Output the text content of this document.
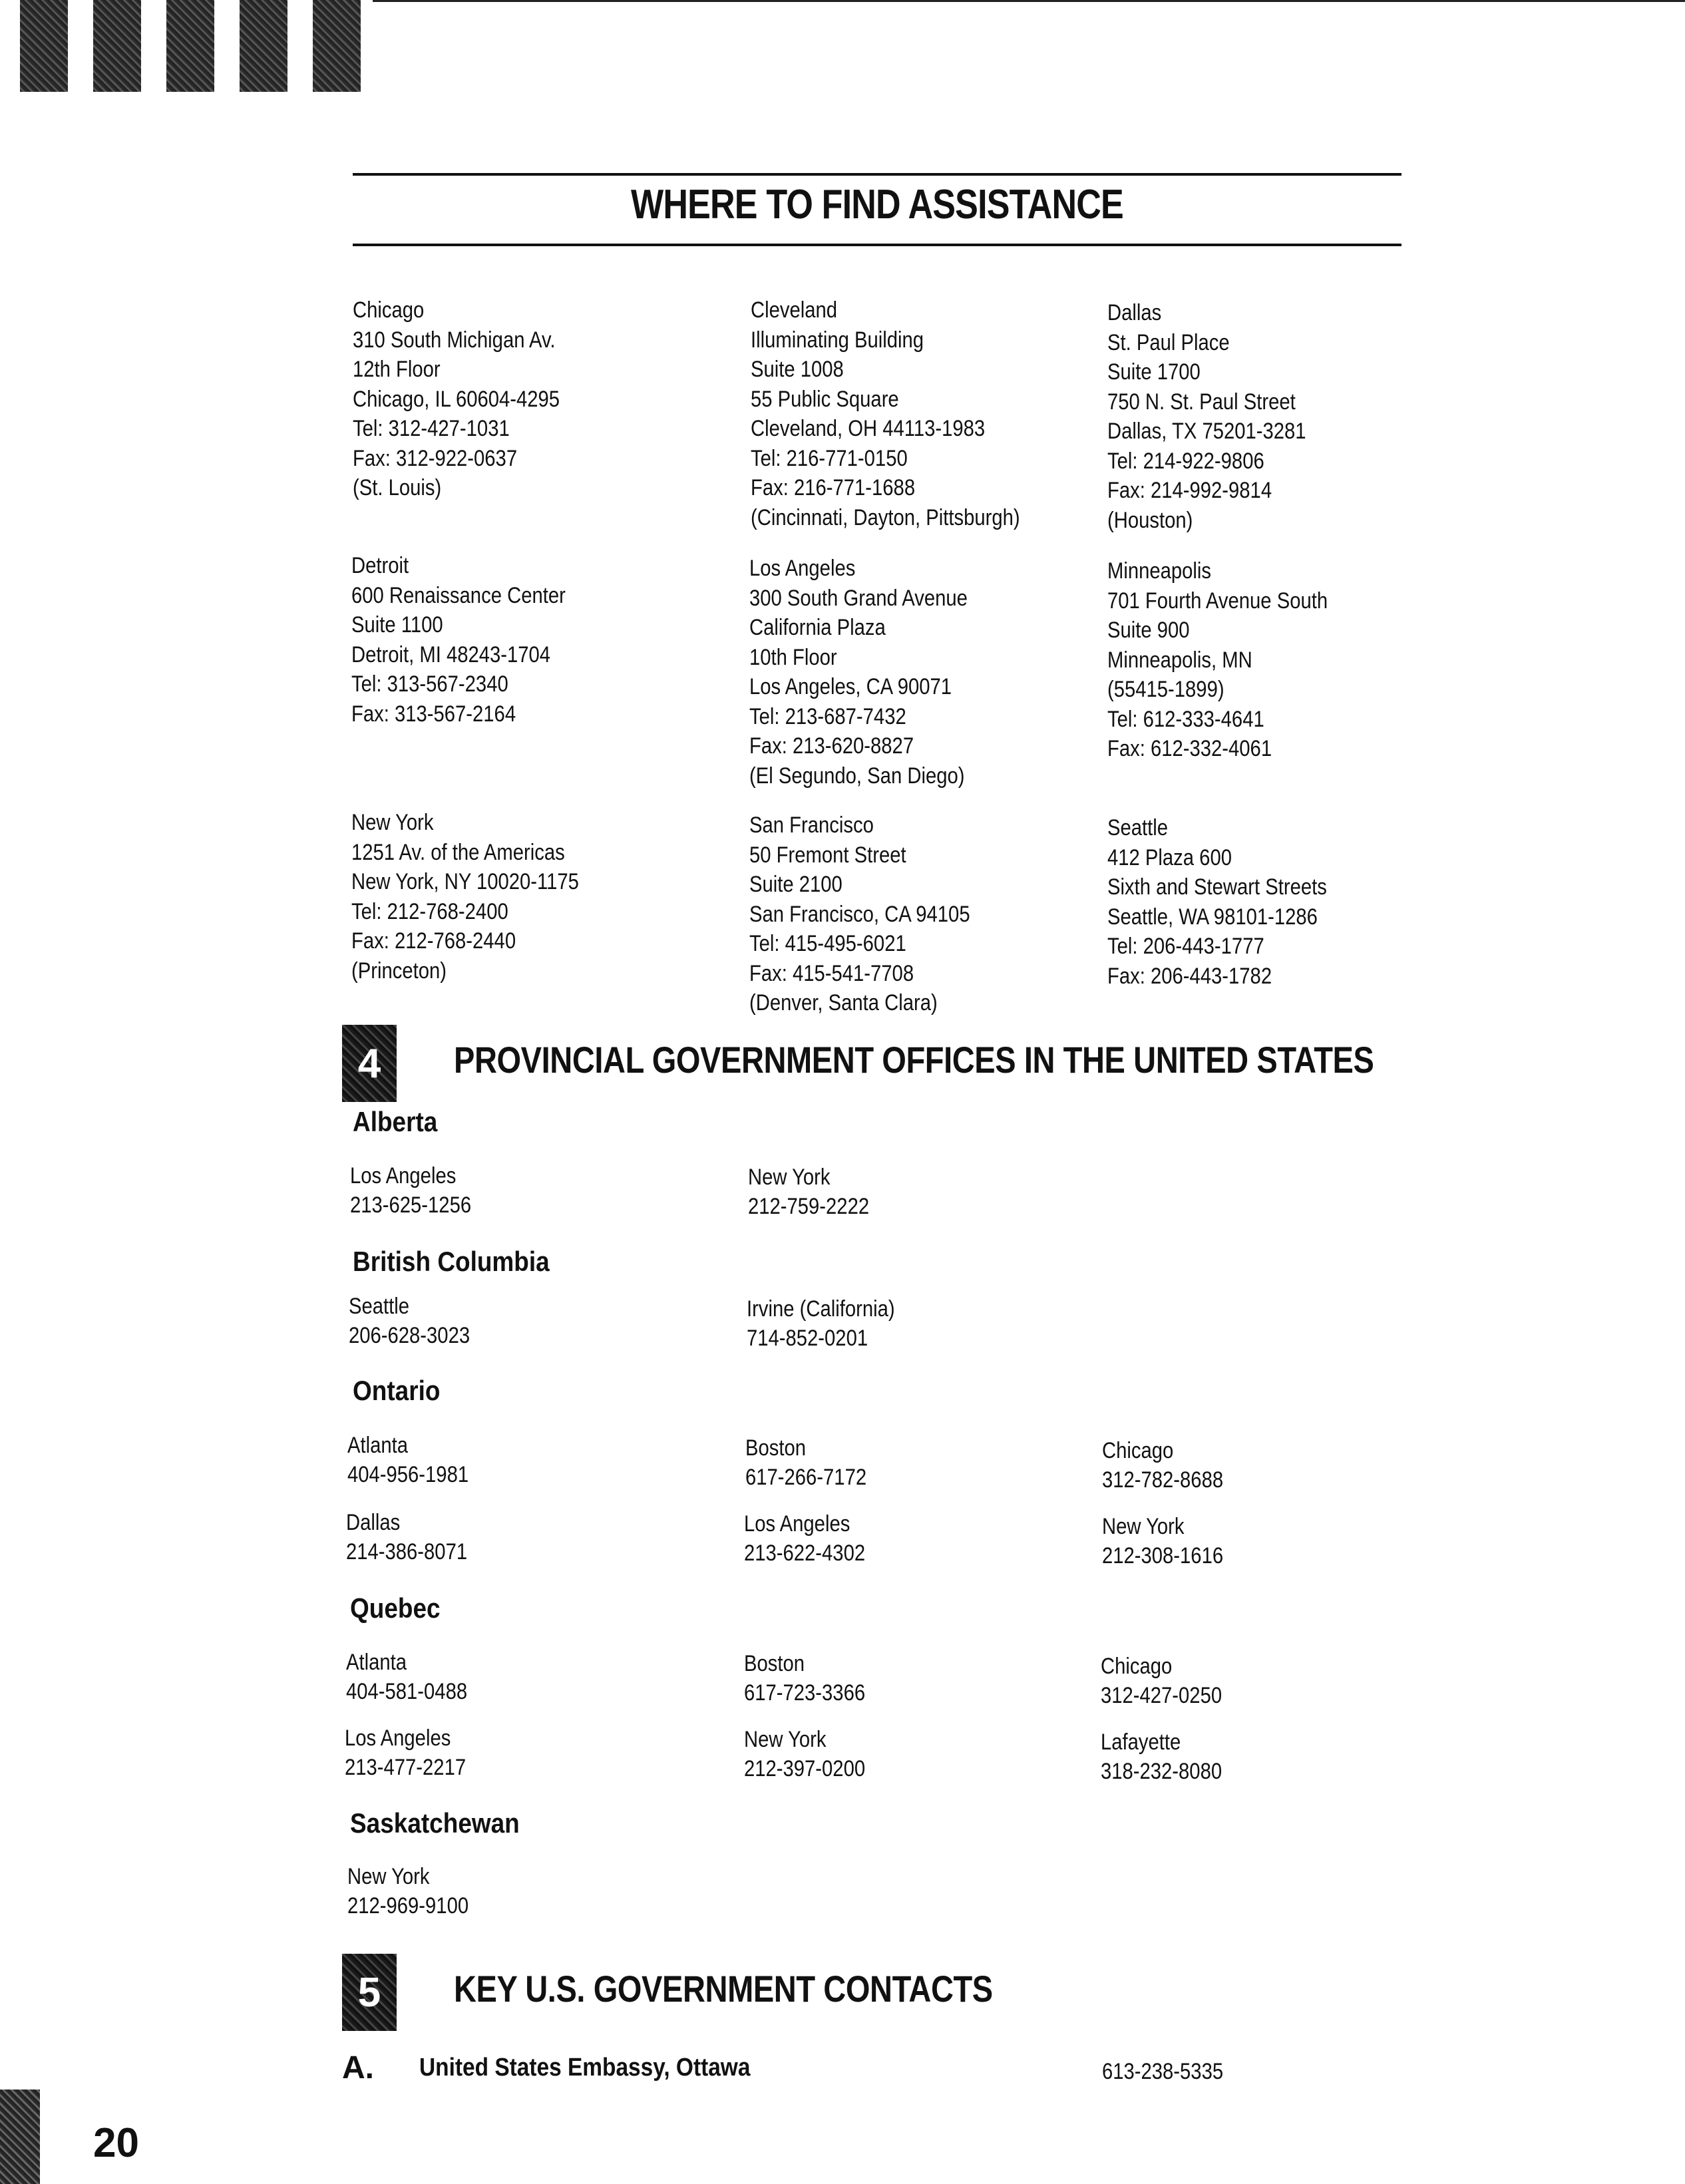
WHERE TO FIND ASSISTANCE
Chicago
310 South Michigan Av.
12th Floor
Chicago, IL 60604-4295
Tel: 312-427-1031
Fax: 312-922-0637
(St. Louis)
Cleveland
Illuminating Building
Suite 1008
55 Public Square
Cleveland, OH 44113-1983
Tel: 216-771-0150
Fax: 216-771-1688
(Cincinnati, Dayton, Pittsburgh)
Dallas
St. Paul Place
Suite 1700
750 N. St. Paul Street
Dallas, TX 75201-3281
Tel: 214-922-9806
Fax: 214-992-9814
(Houston)
Detroit
600 Renaissance Center
Suite 1100
Detroit, MI 48243-1704
Tel: 313-567-2340
Fax: 313-567-2164
Los Angeles
300 South Grand Avenue
California Plaza
10th Floor
Los Angeles, CA 90071
Tel: 213-687-7432
Fax: 213-620-8827
(El Segundo, San Diego)
Minneapolis
701 Fourth Avenue South
Suite 900
Minneapolis, MN
(55415-1899)
Tel: 612-333-4641
Fax: 612-332-4061
New York
1251 Av. of the Americas
New York, NY 10020-1175
Tel: 212-768-2400
Fax: 212-768-2440
(Princeton)
San Francisco
50 Fremont Street
Suite 2100
San Francisco, CA 94105
Tel: 415-495-6021
Fax: 415-541-7708
(Denver, Santa Clara)
Seattle
412 Plaza 600
Sixth and Stewart Streets
Seattle, WA 98101-1286
Tel: 206-443-1777
Fax: 206-443-1782
4 PROVINCIAL GOVERNMENT OFFICES IN THE UNITED STATES
Alberta
Los Angeles
213-625-1256
New York
212-759-2222
British Columbia
Seattle
206-628-3023
Irvine (California)
714-852-0201
Ontario
Atlanta
404-956-1981
Boston
617-266-7172
Chicago
312-782-8688
Dallas
214-386-8071
Los Angeles
213-622-4302
New York
212-308-1616
Quebec
Atlanta
404-581-0488
Boston
617-723-3366
Chicago
312-427-0250
Los Angeles
213-477-2217
New York
212-397-0200
Lafayette
318-232-8080
Saskatchewan
New York
212-969-9100
5 KEY U.S. GOVERNMENT CONTACTS
A. United States Embassy, Ottawa	613-238-5335
20
